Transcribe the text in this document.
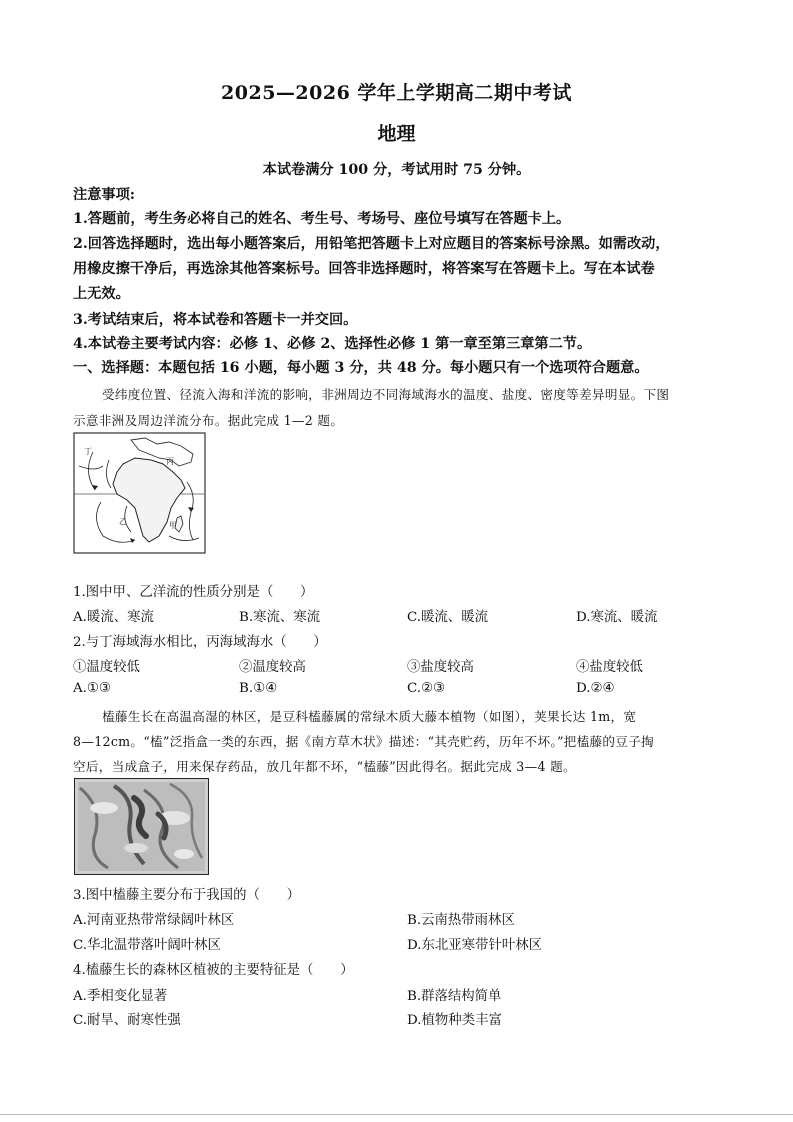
2025—2026 学年上学期高二期中考试
地理
本试卷满分 100 分，考试用时 75 分钟。
注意事项:
1.答题前，考生务必将自己的姓名、考生号、考场号、座位号填写在答题卡上。
2.回答选择题时，选出每小题答案后，用铅笔把答题卡上对应题目的答案标号涂黑。如需改动，
用橡皮擦干净后，再选涂其他答案标号。回答非选择题时，将答案写在答题卡上。写在本试卷
上无效。
3.考试结束后，将本试卷和答题卡一并交回。
4.本试卷主要考试内容：必修 1、必修 2、选择性必修 1 第一章至第三章第二节。
一、选择题：本题包括 16 小题，每小题 3 分，共 48 分。每小题只有一个选项符合题意。
受纬度位置、径流入海和洋流的影响，非洲周边不同海域海水的温度、盐度、密度等差异明显。下图
示意非洲及周边洋流分布。据此完成 1—2 题。
丁
丙
甲
乙
1.图中甲、乙洋流的性质分别是（　　）
A.暖流、寒流	B.寒流、寒流	C.暖流、暖流	D.寒流、暖流
2.与丁海域海水相比，丙海域海水（　　）
①温度较低	②温度较高	③盐度较高	④盐度较低
A.①③	B.①④	C.②③	D.②④
榼藤生长在高温高湿的林区，是豆科榼藤属的常绿木质大藤本植物（如图），荚果长达 1m，宽
8—12cm。“榼”泛指盒一类的东西，据《南方草木状》描述：“其壳贮药，历年不坏。”把榼藤的豆子掏
空后，当成盒子，用来保存药品，放几年都不坏，“榼藤”因此得名。据此完成 3—4 题。
3.图中榼藤主要分布于我国的（　　）
A.河南亚热带常绿阔叶林区	B.云南热带雨林区
C.华北温带落叶阔叶林区	D.东北亚寒带针叶林区
4.榼藤生长的森林区植被的主要特征是（　　）
A.季相变化显著	B.群落结构简单
C.耐旱、耐寒性强	D.植物种类丰富
